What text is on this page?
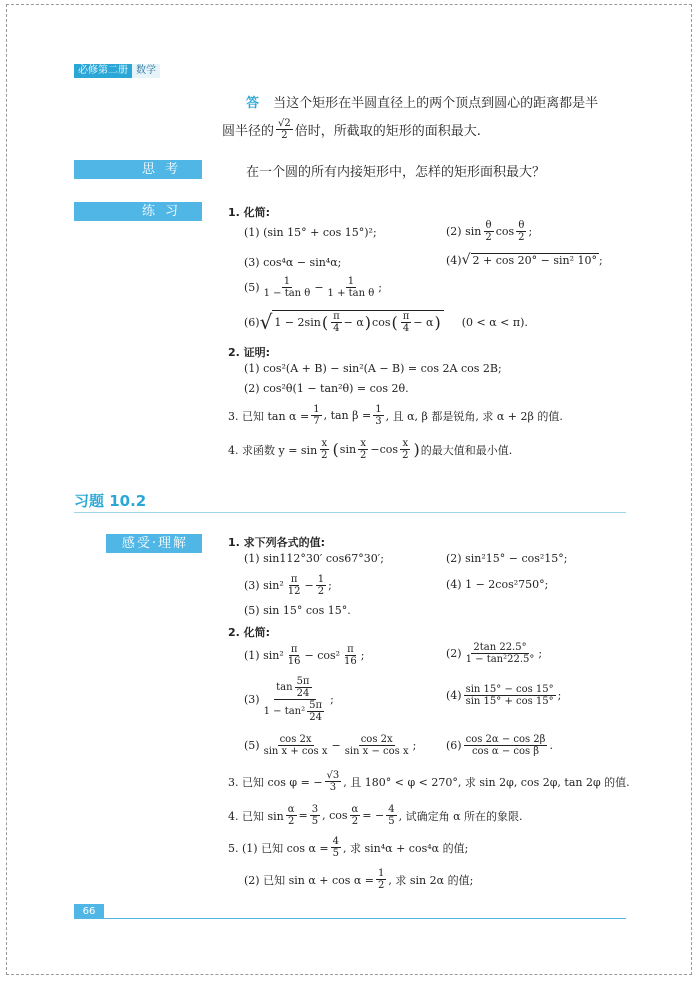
必修第二册 数学
答 当这个矩形在半圆直径上的两个顶点到圆心的距离都是半
圆半径的 $\frac{√2}{2}$ 倍时，所截取的矩形的面积最大.
思考	在一个圆的所有内接矩形中，怎样的矩形面积最大？
练习	1. 化简:
(1) (sin 15° + cos 15°)²;	(2) $\sin \frac{\theta}{2}$ $\cos \frac{\theta}{2}$ ;
(3) cos⁴α − sin⁴α;	(4) √ 2 + cos 20° − sin² 10° ;
$(5) \frac{1}{\text{1 − tan θ}} - \frac{1}{\text{1 + tan θ}}$ ;
(6) √ 1 − 2sin ( $\frac{\pi}{4} - \alpha$ ) cos ( $\frac{\pi}{4} - \alpha$ ) (0 < α < π).
2. 证明:
(1) cos²(A + B) − sin²(A − B) = cos 2A cos 2B;
(2) cos²θ(1 − tan²θ) = cos 2θ.
3. 已知 $\tan \alpha = \frac{1}{7}$ , $\tan \beta = \frac{1}{3}$ , 且 α, β 都是锐角, 求 α + 2β 的值.
4. 求函数 $y = \sin \frac{x}{2}$ ( $\sin \frac{x}{2} - \cos \frac{x}{2}$ ) 的最大值和最小值.
习题 10.2
感受·理解	1. 求下列各式的值:
(1) sin112°30′ cos67°30′;	(2) sin²15° − cos²15°;
(3) $\sin^2 \frac{\pi}{12} - \frac{1}{2}$ ;	(4) 1 − 2cos²750°;
(5) sin 15° cos 15°.
2. 化简:
(1) $\sin^2 \frac{\pi}{16} - \cos^2 \frac{\pi}{16}$ ;	$(2) \frac{2\tan 22.5^\circ}{\text{1 − tan²22.5°}}$ ;
$(3) \frac{\tan \frac{5\pi}{24}}{1 - \tan^2 \frac{5\pi}{24}}$ ;	$(4) \frac{\sin 15^\circ - \cos 15^\circ}{\sin 15^\circ + \cos 15^\circ}$ ;
$(5) \frac{\cos 2x}{\text{sin x + cos x}} - \frac{\cos 2x}{\text{sin x − cos x}}$ ;	$(6) \frac{\cos 2\alpha - \cos 2\beta}{\text{cos α − cos β}}$ .
3. 已知 cos φ = − $\frac{√3}{3}$ , 且 180° < φ < 270°, 求 sin 2φ, cos 2φ, tan 2φ 的值.
4. 已知 $\sin \frac{\alpha}{2} = \frac{3}{5}$ , $\cos \frac{\alpha}{2}$ = − $\frac{4}{5}$ , 试确定角 α 所在的象限.
5. (1) 已知 $\cos \alpha = \frac{4}{5}$ , 求 sin⁴α + cos⁴α 的值;
(2) 已知 $\sin \alpha + \cos \alpha = \frac{1}{2}$ , 求 sin 2α 的值;
66
